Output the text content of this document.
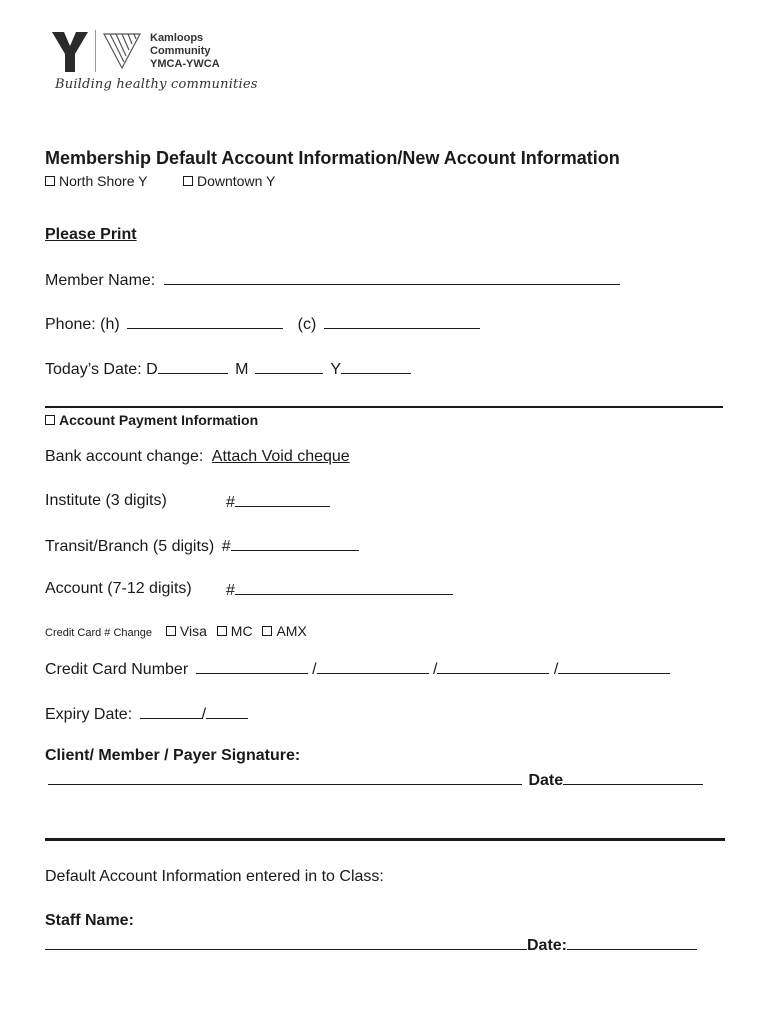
Kamloops
Community
YMCA-YWCA
Building healthy communities
Membership Default Account Information/New Account Information
North Shore Y	Downtown Y
Please Print
Member Name:
Phone: (h)	(c)
Today’s Date: D	M	Y
Account Payment Information
Bank account change: Attach Void cheque
Institute (3 digits)	#
Transit/Branch (5 digits) #
Account (7-12 digits) #
Credit Card # Change Visa MC AMX
Credit Card Number	/	/	/
Expiry Date:	/
Client/ Member / Payer Signature:
Date
Default Account Information entered in to Class:
Staff Name:
Date:
